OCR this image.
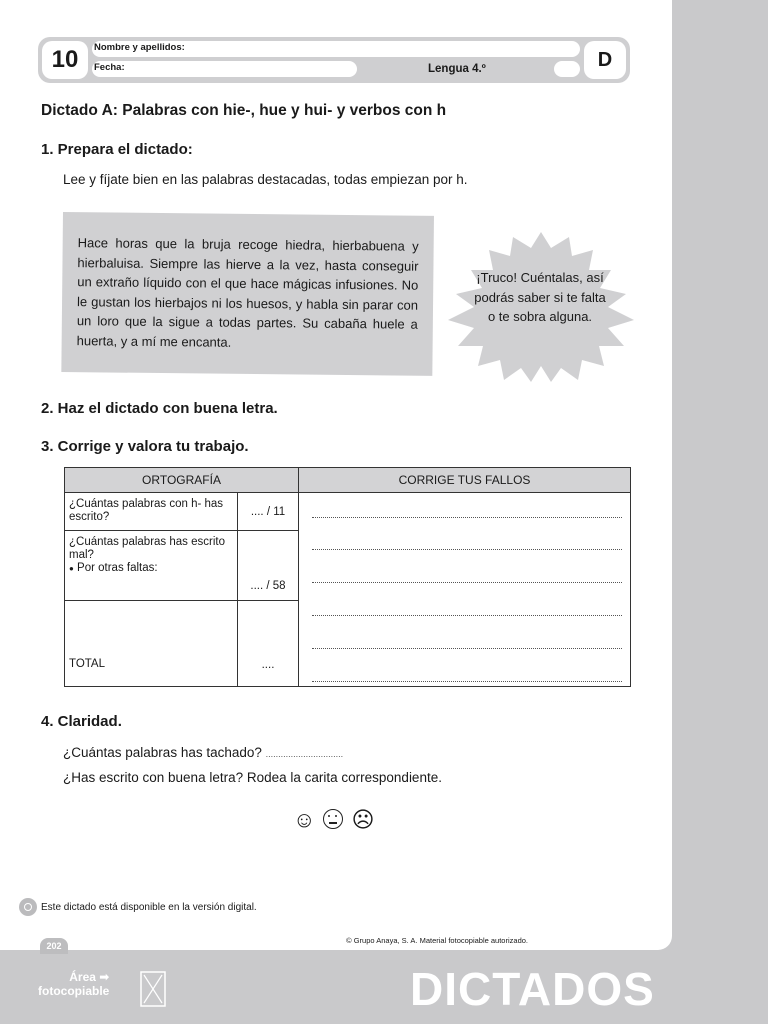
10	Nombre y apellidos:
Fecha:	Lengua 4.º	D
Dictado A: Palabras con hie-, hue y hui- y verbos con h
1. Prepara el dictado:
Lee y fíjate bien en las palabras destacadas, todas empiezan por h.

Hace horas que la bruja recoge hiedra, hierbabuena y hierbaluisa. Siempre las hierve a la vez, hasta conseguir un extraño líquido con el que hace mágicas infusiones. No le gustan los hierbajos ni los huesos, y habla sin parar con un loro que la sigue a todas partes. Su cabaña huele a huerta, y a mí me encanta.

¡Truco! Cuéntalas, así podrás saber si te falta o te sobra alguna.
2. Haz el dictado con buena letra.
3. Corrige y valora tu trabajo.
ORTOGRAFÍA		CORRIGE TUS FALLOS
¿Cuántas palabras con h- has escrito?	.... / 11	
¿Cuántas palabras has escrito mal?
● Por otras faltas:	.... / 58	
TOTAL	....	
4. Claridad.
¿Cuántas palabras has tachado? ...............................
¿Has escrito con buena letra? Rodea la carita correspondiente.
☺ ☹
Este dictado está disponible en la versión digital.
© Grupo Anaya, S. A. Material fotocopiable autorizado.
202
Área ➡
fotocopiable	DICTADOS
